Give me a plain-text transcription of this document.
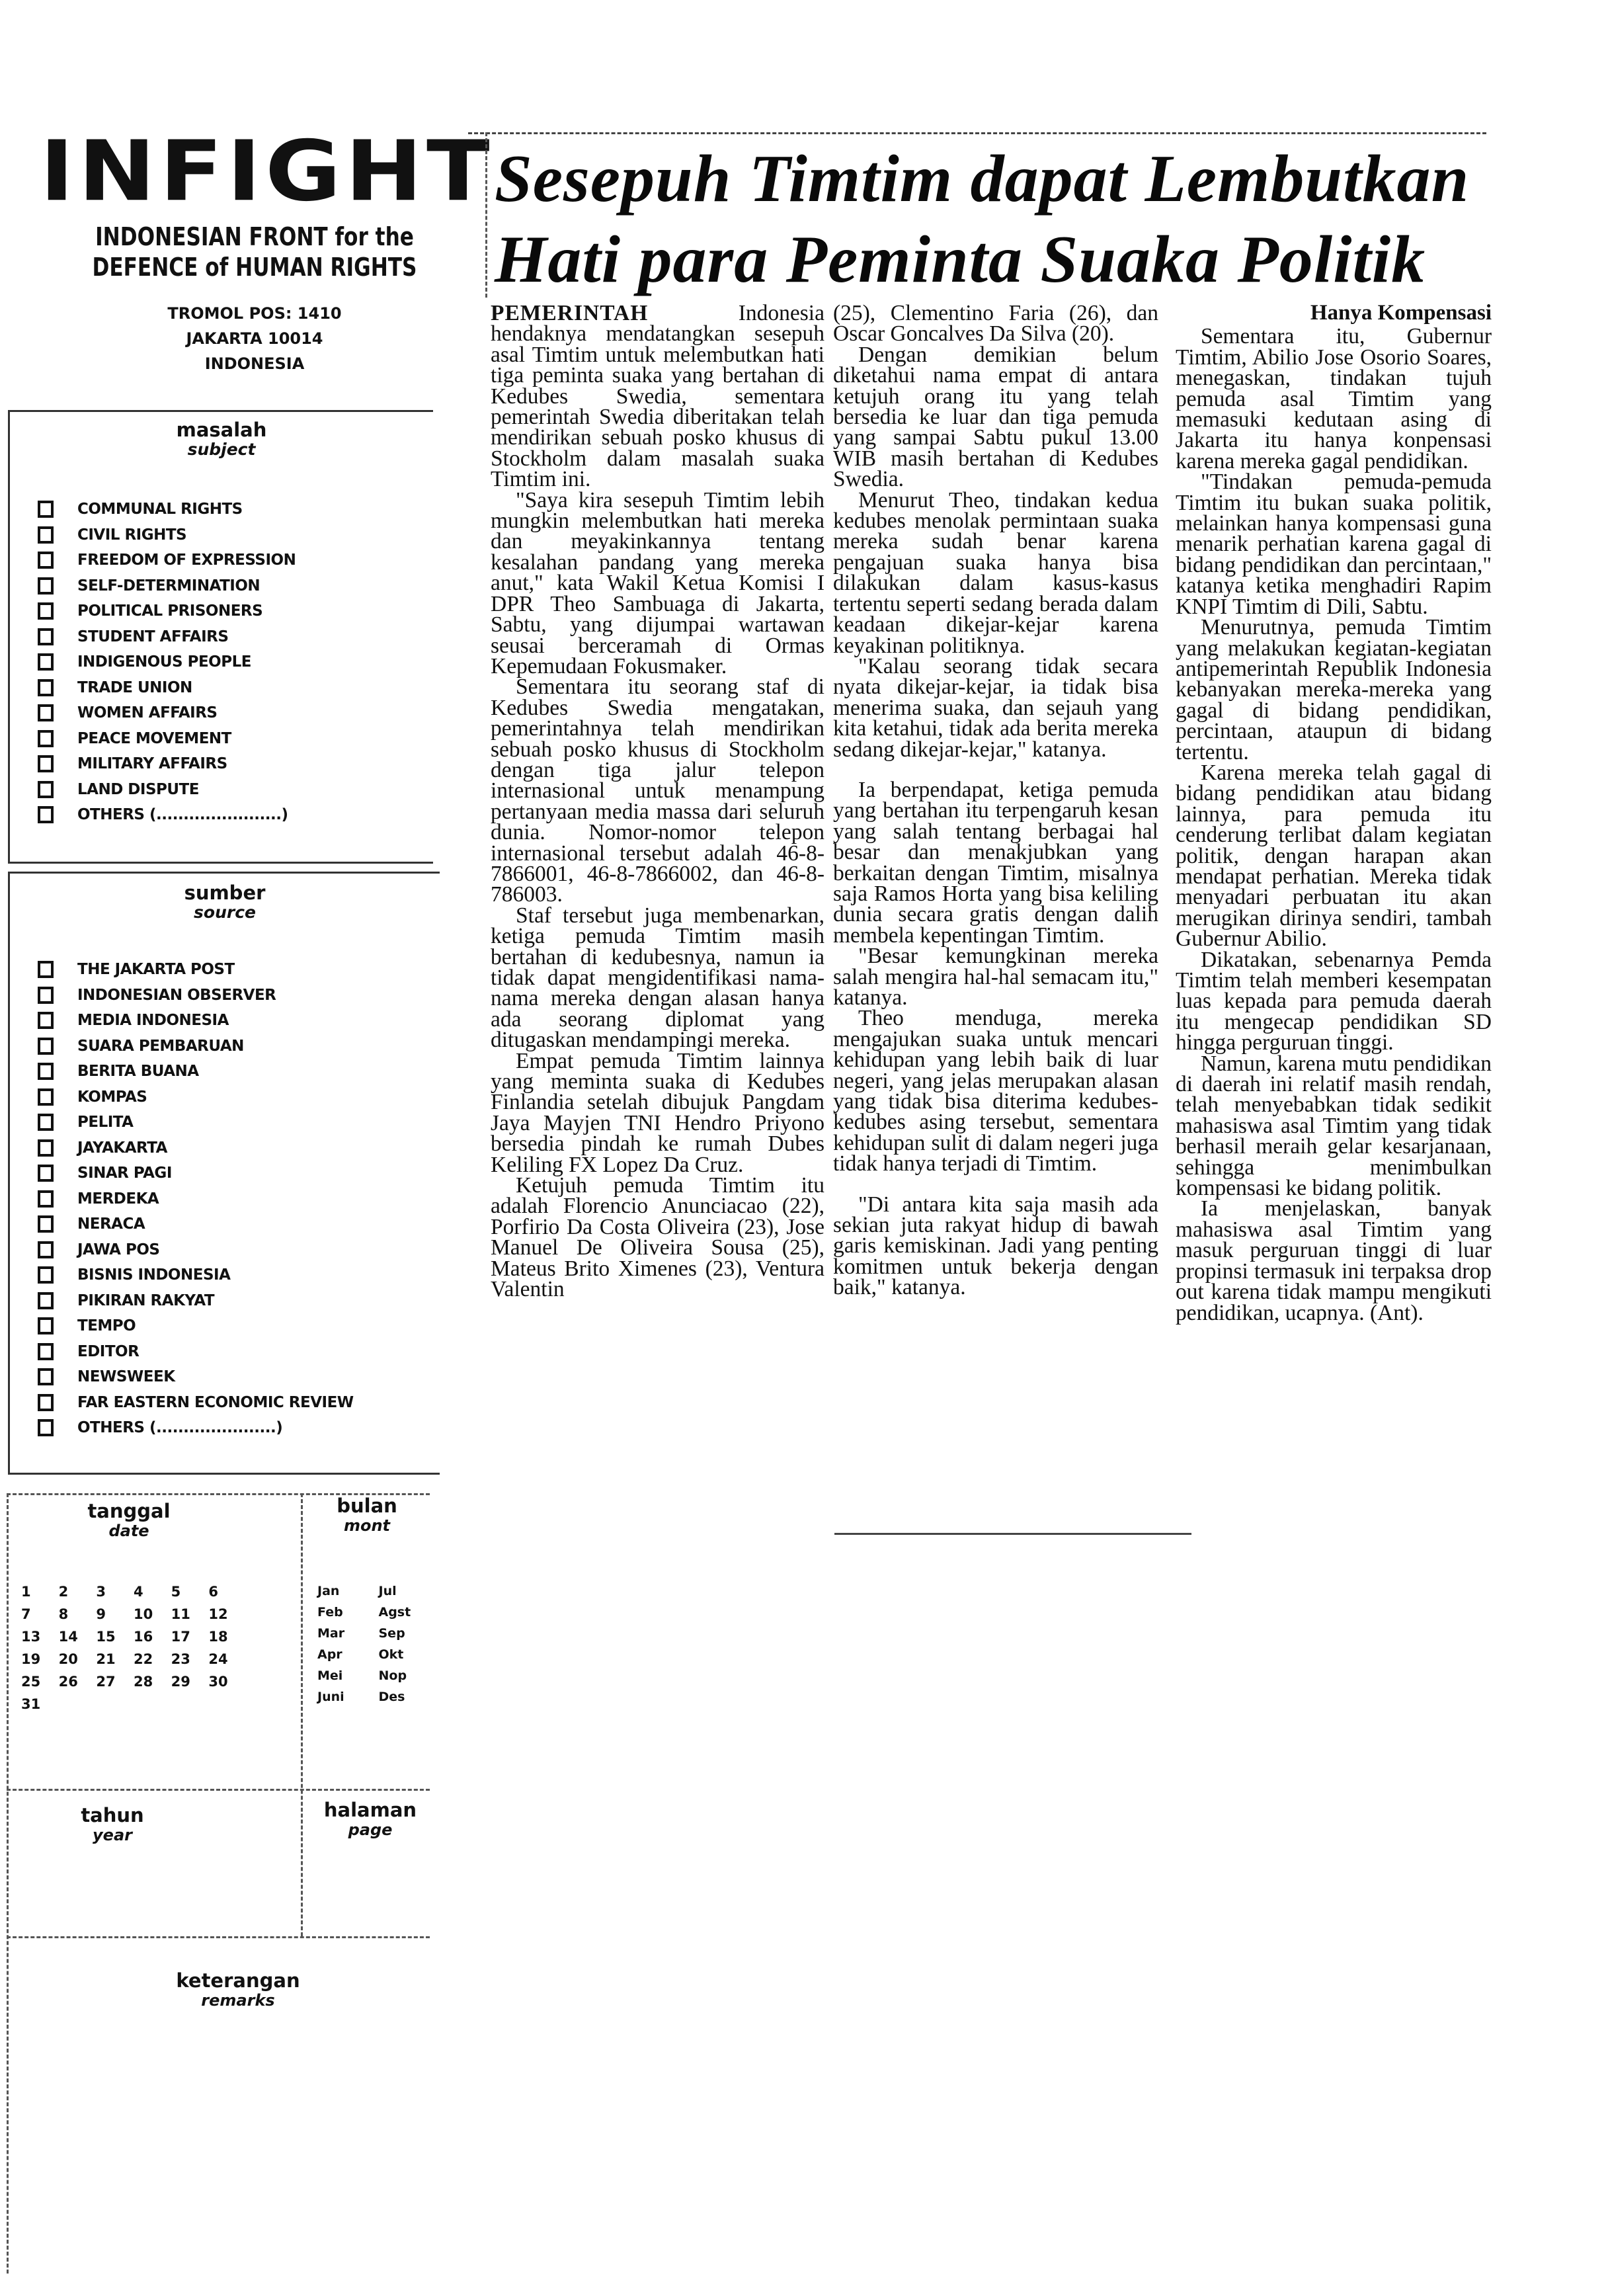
INFIGHT

INDONESIAN FRONT for the

DEFENCE of HUMAN RIGHTS

TROMOL POS: 1410
JAKARTA 10014
INDONESIA
masalah
subject
COMMUNAL RIGHTS
CIVIL RIGHTS
FREEDOM OF EXPRESSION
SELF-DETERMINATION
POLITICAL PRISONERS
STUDENT AFFAIRS
INDIGENOUS PEOPLE
TRADE UNION
WOMEN AFFAIRS
PEACE MOVEMENT
MILITARY AFFAIRS
LAND DISPUTE
OTHERS (.......................)
sumber
source
THE JAKARTA POST
INDONESIAN OBSERVER
MEDIA INDONESIA
SUARA PEMBARUAN
BERITA BUANA
KOMPAS
PELITA
JAYAKARTA
SINAR PAGI
MERDEKA
NERACA
JAWA POS
BISNIS INDONESIA
PIKIRAN RAKYAT
TEMPO
EDITOR
NEWSWEEK
FAR EASTERN ECONOMIC REVIEW
OTHERS (......................)
tanggal
date
bulan
mont
1	2	3	4	5	6
7	8	9	10	11	12
13	14	15	16	17	18
19	20	21	22	23	24
25	26	27	28	29	30
31
Jan	Jul
Feb	Agst
Mar	Sep
Apr	Okt
Mei	Nop
Juni	Des
tahun
year
halaman
page
keterangan
remarks
Sesepuh Timtim dapat Lembutkan
Hati para Peminta Suaka Politik

PEMERINTAH Indonesia hendaknya mendatangkan sesepuh asal Timtim untuk melembutkan hati tiga peminta suaka yang bertahan di Kedubes Swedia, sementara pemerintah Swedia diberitakan telah mendirikan sebuah posko khusus di Stockholm dalam masalah suaka Timtim ini.

"Saya kira sesepuh Timtim lebih mungkin melembutkan hati mereka dan meyakinkannya tentang kesalahan pandang yang mereka anut," kata Wakil Ketua Komisi I DPR Theo Sambuaga di Jakarta, Sabtu, yang dijumpai wartawan seusai berceramah di Ormas Kepemudaan Fokusmaker.

Sementara itu seorang staf di Kedubes Swedia mengatakan, pemerintahnya telah mendirikan sebuah posko khusus di Stockholm dengan tiga jalur telepon internasional untuk menampung pertanyaan media massa dari seluruh dunia. Nomor-nomor telepon internasional tersebut adalah 46-8-7866001, 46-8-7866002, dan 46-8-786003.

Staf tersebut juga membenarkan, ketiga pemuda Timtim masih bertahan di kedubesnya, namun ia tidak dapat mengidentifikasi nama-nama mereka dengan alasan hanya ada seorang diplomat yang ditugaskan mendampingi mereka.

Empat pemuda Timtim lainnya yang meminta suaka di Kedubes Finlandia setelah dibujuk Pangdam Jaya Mayjen TNI Hendro Priyono bersedia pindah ke rumah Dubes Keliling FX Lopez Da Cruz.

Ketujuh pemuda Timtim itu adalah Florencio Anunciacao (22), Porfirio Da Costa Oliveira (23), Jose Manuel De Oliveira Sousa (25), Mateus Brito Ximenes (23), Ventura Valentin

(25), Clementino Faria (26), dan Oscar Goncalves Da Silva (20).

Dengan demikian belum diketahui nama empat di antara ketujuh orang itu yang telah bersedia ke luar dan tiga pemuda yang sampai Sabtu pukul 13.00 WIB masih bertahan di Kedubes Swedia.

Menurut Theo, tindakan kedua kedubes menolak permintaan suaka mereka sudah benar karena pengajuan suaka hanya bisa dilakukan dalam kasus-kasus tertentu seperti sedang berada dalam keadaan dikejar-kejar karena keyakinan politiknya.

"Kalau seorang tidak secara nyata dikejar-kejar, ia tidak bisa menerima suaka, dan sejauh yang kita ketahui, tidak ada berita mereka sedang dikejar-kejar," katanya.

Ia berpendapat, ketiga pemuda yang bertahan itu terpengaruh kesan yang salah tentang berbagai hal besar dan menakjubkan yang berkaitan dengan Timtim, misalnya saja Ramos Horta yang bisa keliling dunia secara gratis dengan dalih membela kepentingan Timtim.

"Besar kemungkinan mereka salah mengira hal-hal semacam itu," katanya.

Theo menduga, mereka mengajukan suaka untuk mencari kehidupan yang lebih baik di luar negeri, yang jelas merupakan alasan yang tidak bisa diterima kedubes-kedubes asing tersebut, sementara kehidupan sulit di dalam negeri juga tidak hanya terjadi di Timtim.

"Di antara kita saja masih ada sekian juta rakyat hidup di bawah garis kemiskinan. Jadi yang penting komitmen untuk bekerja dengan baik," katanya.

Hanya Kompensasi

Sementara itu, Gubernur Timtim, Abilio Jose Osorio Soares, menegaskan, tindakan tujuh pemuda asal Timtim yang memasuki kedutaan asing di Jakarta itu hanya konpensasi karena mereka gagal pendidikan.

"Tindakan pemuda-pemuda Timtim itu bukan suaka politik, melainkan hanya kompensasi guna menarik perhatian karena gagal di bidang pendidikan dan percintaan," katanya ketika menghadiri Rapim KNPI Timtim di Dili, Sabtu.

Menurutnya, pemuda Timtim yang melakukan kegiatan-kegiatan antipemerintah Republik Indonesia kebanyakan mereka-mereka yang gagal di bidang pendidikan, percintaan, ataupun di bidang tertentu.

Karena mereka telah gagal di bidang pendidikan atau bidang lainnya, para pemuda itu cenderung terlibat dalam kegiatan politik, dengan harapan akan mendapat perhatian. Mereka tidak menyadari perbuatan itu akan merugikan dirinya sendiri, tambah Gubernur Abilio.

Dikatakan, sebenarnya Pemda Timtim telah memberi kesempatan luas kepada para pemuda daerah itu mengecap pendidikan SD hingga perguruan tinggi.

Namun, karena mutu pendidikan di daerah ini relatif masih rendah, telah menyebabkan tidak sedikit mahasiswa asal Timtim yang tidak berhasil meraih gelar kesarjanaan, sehingga menimbulkan kompensasi ke bidang politik.

Ia menjelaskan, banyak mahasiswa asal Timtim yang masuk perguruan tinggi di luar propinsi termasuk ini terpaksa drop out karena tidak mampu mengikuti pendidikan, ucapnya. (Ant).
